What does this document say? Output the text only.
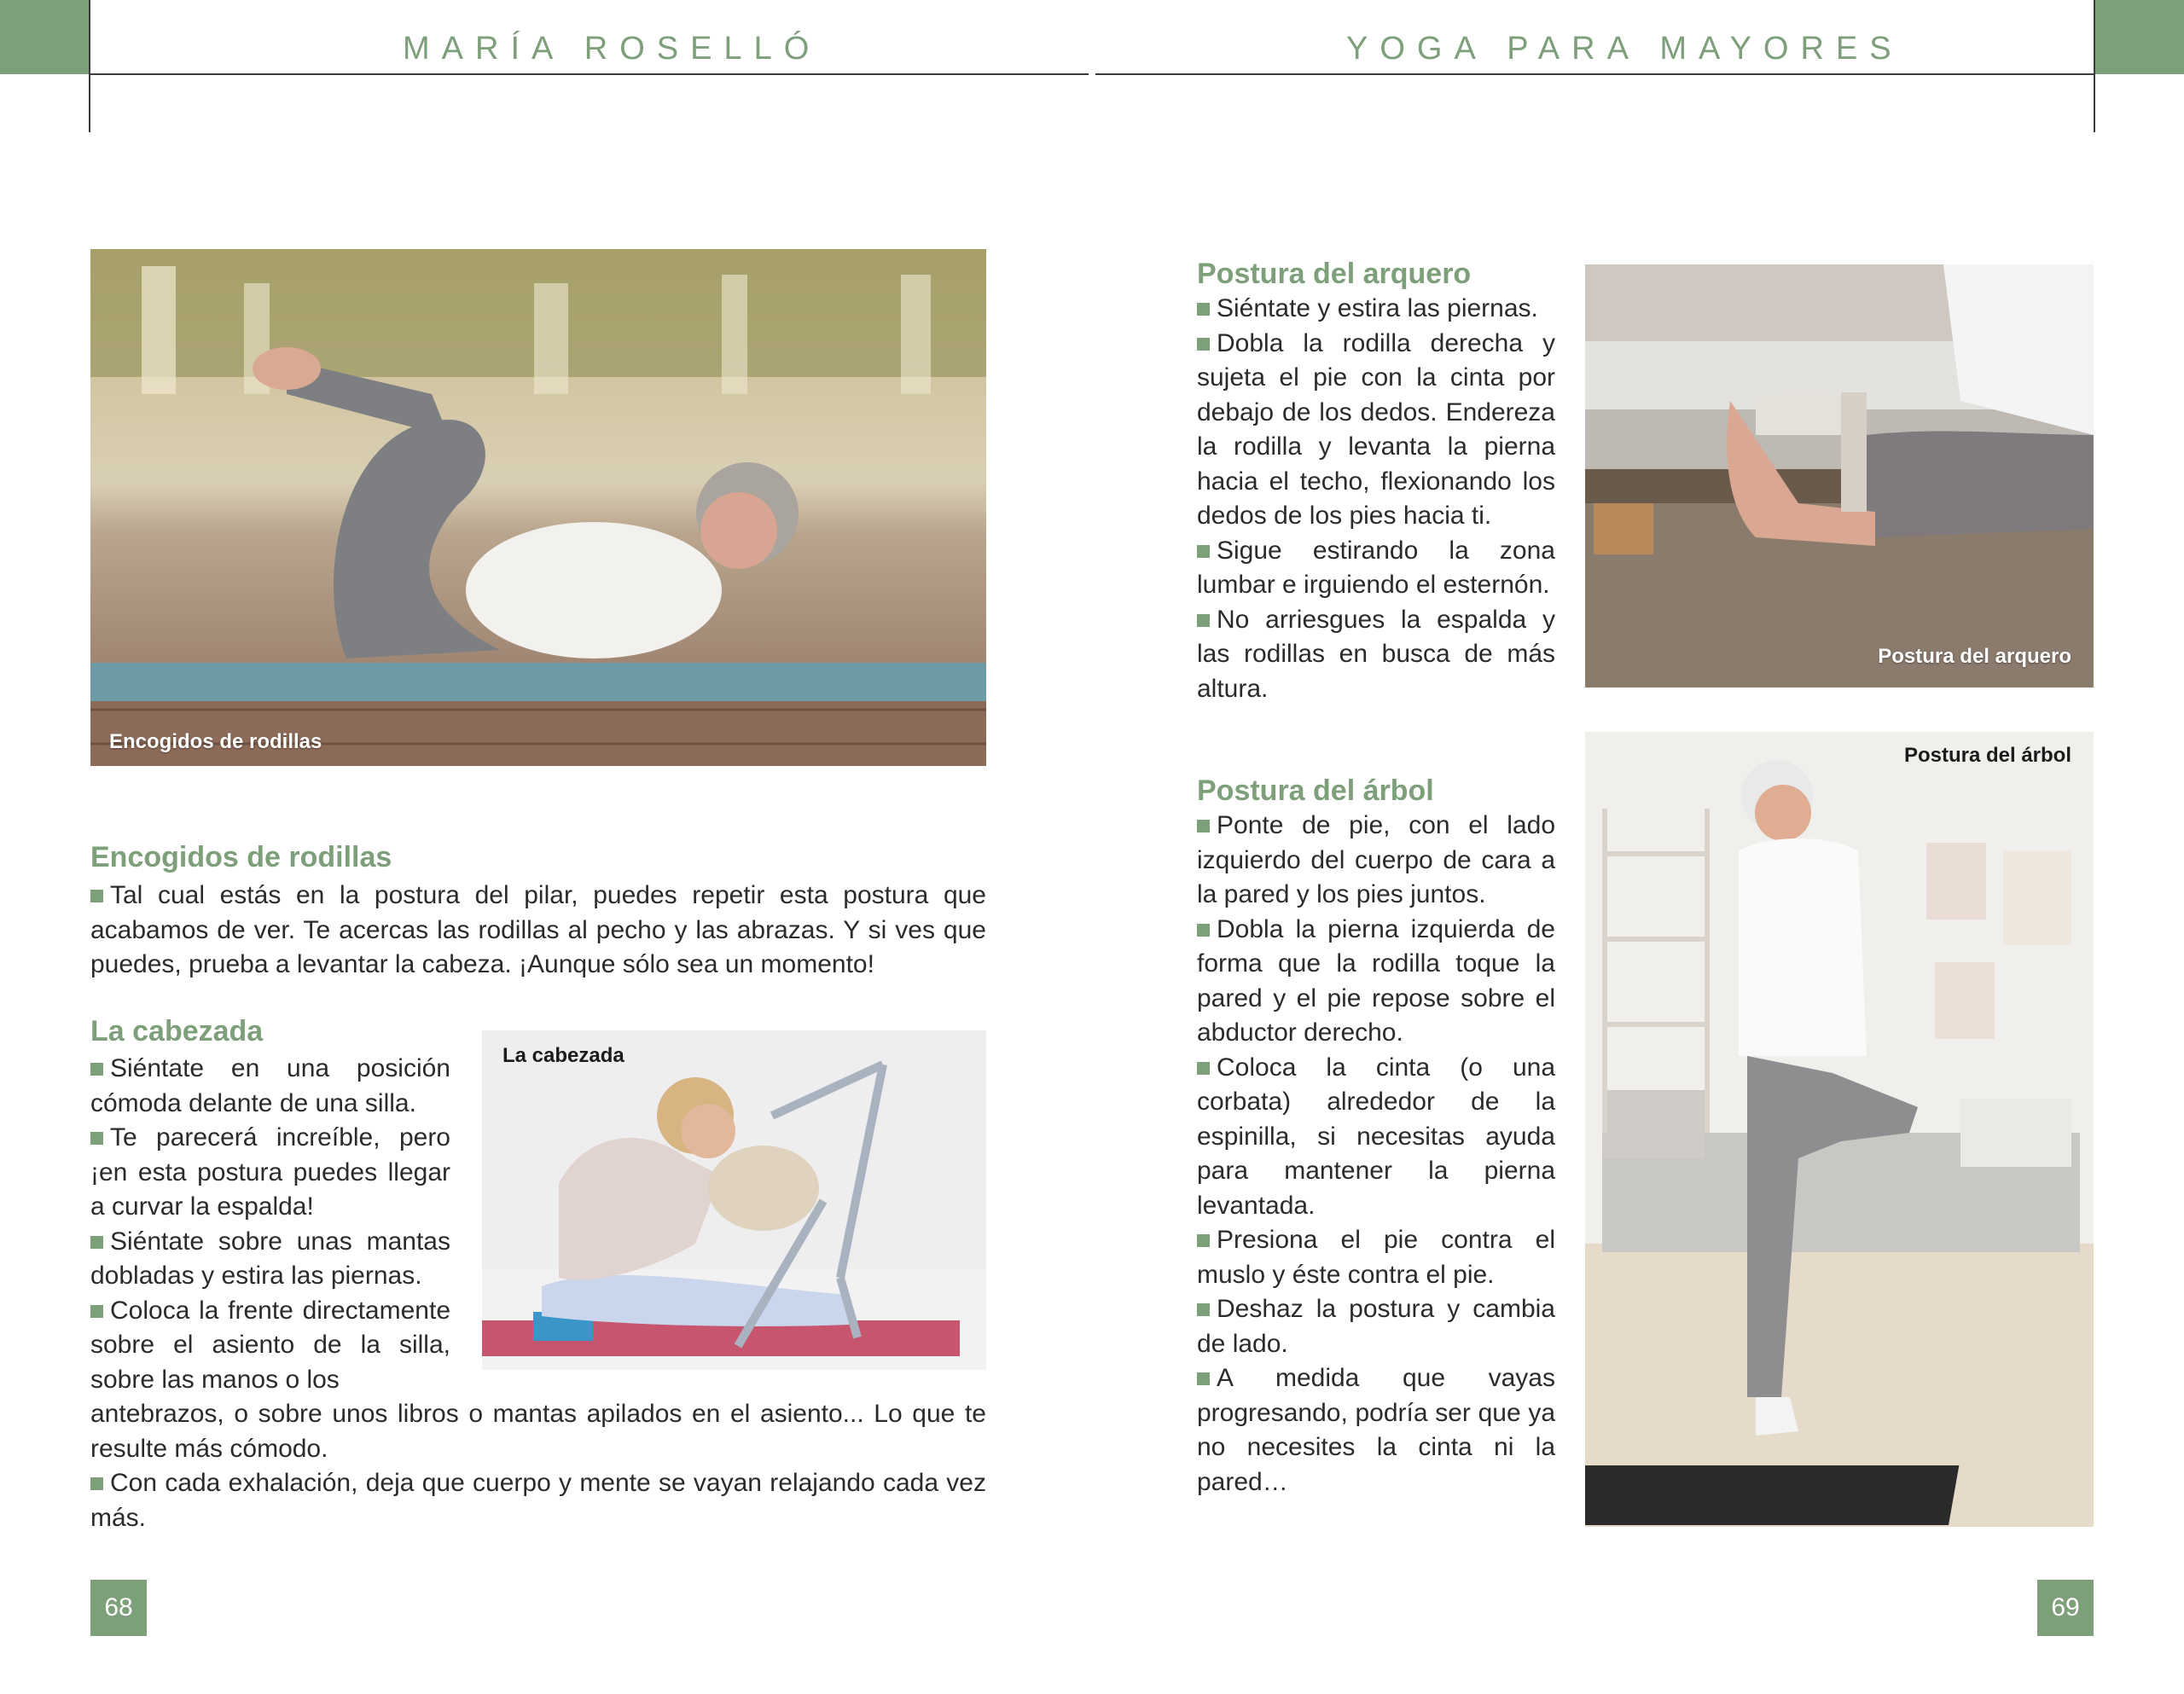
MARÍA ROSELLÓ	YOGA PARA MAYORES
Encogidos de rodillas
Encogidos de rodillas

Tal cual estás en la postura del pilar, puedes repetir esta postura que acabamos de ver. Te acercas las rodillas al pecho y las abrazas. Y si ves que puedes, prueba a levantar la cabeza. ¡Aunque sólo sea un momento!

La cabezada
La cabezada

Siéntate en una posición cómoda delante de una silla.

Te parecerá increíble, pero ¡en esta postura puedes llegar a curvar la espalda!

Siéntate sobre unas mantas dobladas y estira las piernas.

Coloca la frente directamente sobre el asiento de la silla, sobre las manos o los

antebrazos, o sobre unos libros o mantas apilados en el asiento... Lo que te resulte más cómodo.

Con cada exhalación, deja que cuerpo y mente se vayan relajando cada vez más.

68
Postura del arquero

Siéntate y estira las piernas.

Dobla la rodilla derecha y sujeta el pie con la cinta por debajo de los dedos. Endereza la rodilla y levanta la pierna hacia el techo, flexionando los dedos de los pies hacia ti.

Sigue estirando la zona lumbar e irguiendo el esternón.

No arriesgues la espalda y las rodillas en busca de más altura.

Postura del arquero
Postura del árbol

Ponte de pie, con el lado izquierdo del cuerpo de cara a la pared y los pies juntos.

Dobla la pierna izquierda de forma que la rodilla toque la pared y el pie repose sobre el abductor derecho.

Coloca la cinta (o una corbata) alrededor de la espinilla, si necesitas ayuda para mantener la pierna levantada.

Presiona el pie contra el muslo y éste contra el pie.

Deshaz la postura y cambia de lado.

A medida que vayas progresando, podría ser que ya no necesites la cinta ni la pared…

Postura del árbol
69
